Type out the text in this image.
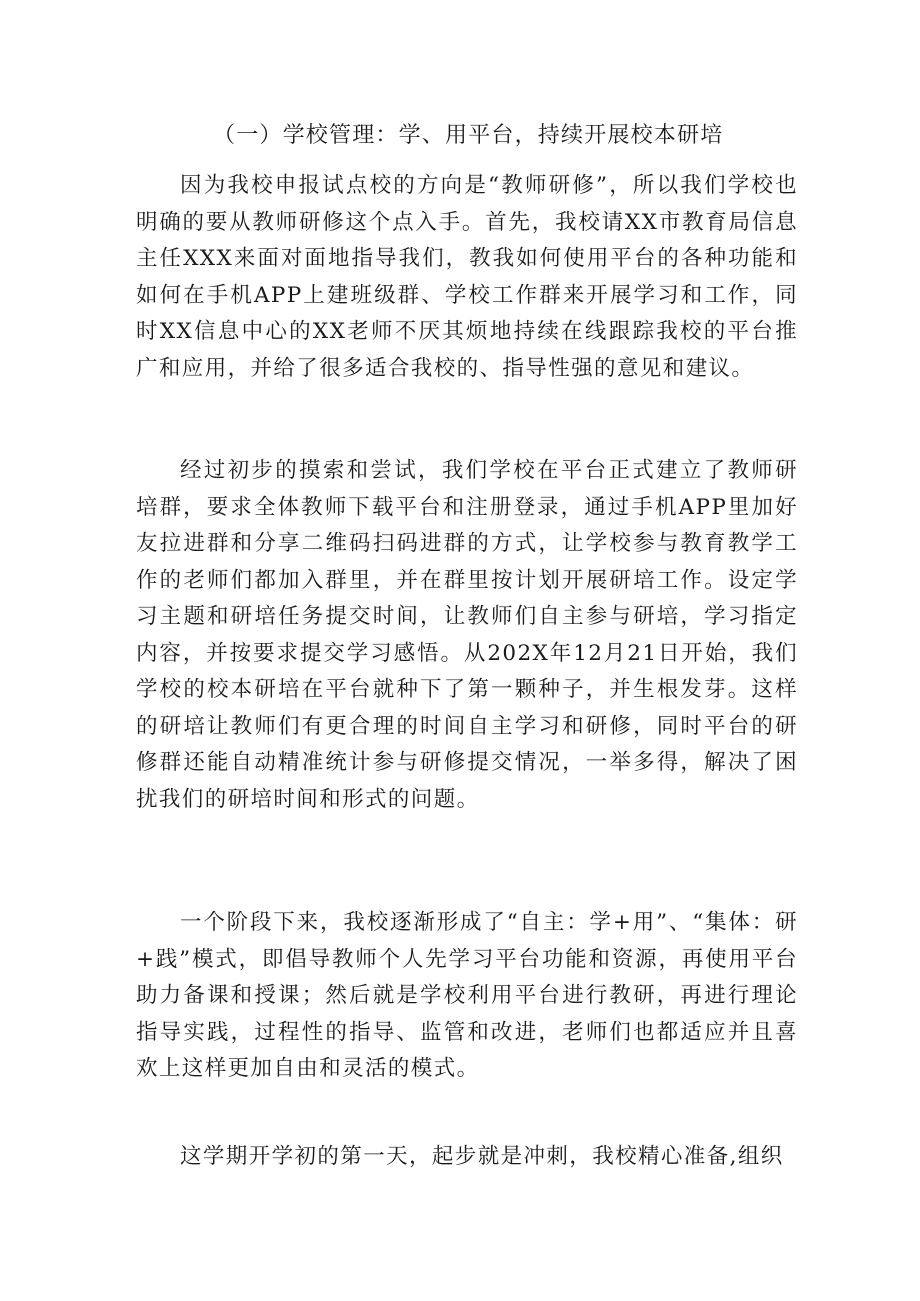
（一）学校管理：学、用平台，持续开展校本研培

因为我校申报试点校的方向是“教师研修”，所以我们学校也明确的要从教师研修这个点入手。首先，我校请XX市教育局信息主任XXX来面对面地指导我们，教我如何使用平台的各种功能和如何在手机APP上建班级群、学校工作群来开展学习和工作，同时XX信息中心的XX老师不厌其烦地持续在线跟踪我校的平台推广和应用，并给了很多适合我校的、指导性强的意见和建议。

经过初步的摸索和尝试，我们学校在平台正式建立了教师研培群，要求全体教师下载平台和注册登录，通过手机APP里加好友拉进群和分享二维码扫码进群的方式，让学校参与教育教学工作的老师们都加入群里，并在群里按计划开展研培工作。设定学习主题和研培任务提交时间，让教师们自主参与研培，学习指定内容，并按要求提交学习感悟。从202X年12月21日开始，我们学校的校本研培在平台就种下了第一颗种子，并生根发芽。这样的研培让教师们有更合理的时间自主学习和研修，同时平台的研修群还能自动精准统计参与研修提交情况，一举多得，解决了困扰我们的研培时间和形式的问题。

一个阶段下来，我校逐渐形成了“自主：学+用”、“集体：研+践”模式，即倡导教师个人先学习平台功能和资源，再使用平台助力备课和授课；然后就是学校利用平台进行教研，再进行理论指导实践，过程性的指导、监管和改进，老师们也都适应并且喜欢上这样更加自由和灵活的模式。

这学期开学初的第一天，起步就是冲刺，我校精心准备,组织
